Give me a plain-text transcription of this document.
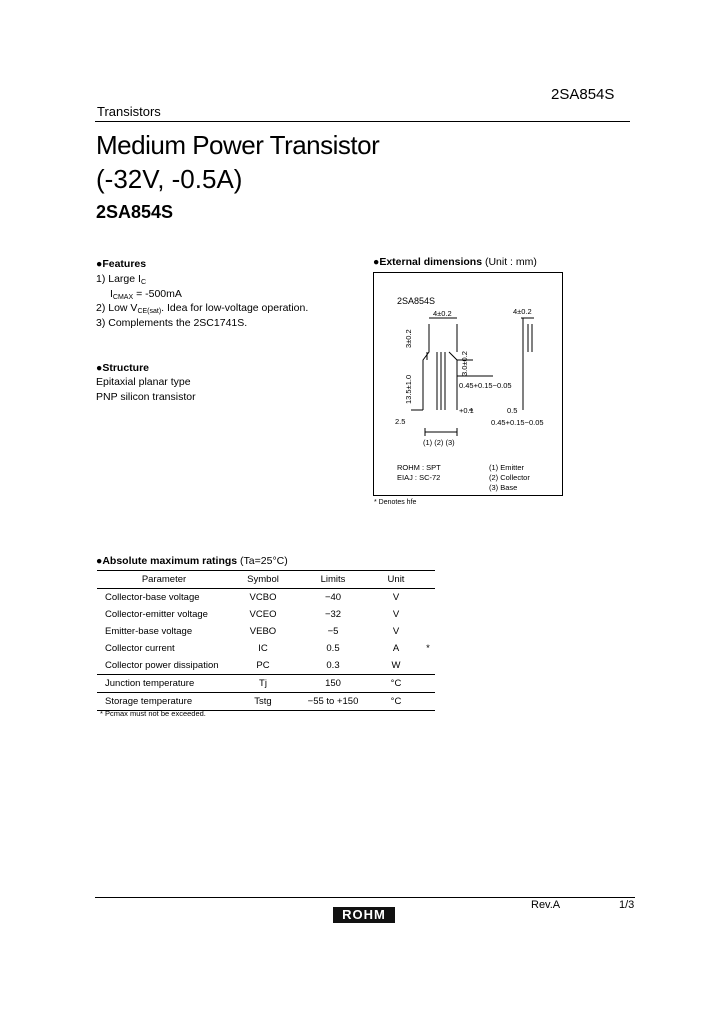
2SA854S
Transistors
Medium Power Transistor
(-32V, -0.5A)
2SA854S
●Features
1) Large $I_C$
$I_{CMAX} = -500mA$
2) Low $V_{CE(sat)}$. Idea for low-voltage operation.
3) Complements the 2SC1741S.
●Structure
Epitaxial planar type
PNP silicon transistor
●External dimensions (Unit : mm)
2SA854S
4±0.2
3±0.2
3.0±0.2
13.5±1.0	0.45+0.15−0.05
+0.1
2.5
(1) (2) (3)
0.5
0.45+0.15−0.05
4±0.2
ROHM : SPT
EIAJ : SC-72
(1) Emitter
(2) Collector
(3) Base
* Denotes hfe
●Absolute maximum ratings (Ta=25°C)
Parameter	Symbol	Limits	Unit	
Collector-base voltage	VCBO	−40	V	
Collector-emitter voltage	VCEO	−32	V	
Emitter-base voltage	VEBO	−5	V	
Collector current	IC	0.5	A	*
Collector power dissipation	PC	0.3	W	
Junction temperature	Tj	150	°C	
Storage temperature	Tstg	−55 to +150	°C	
* Pcmax must not be exceeded.
ROHM
Rev.A	1/3
